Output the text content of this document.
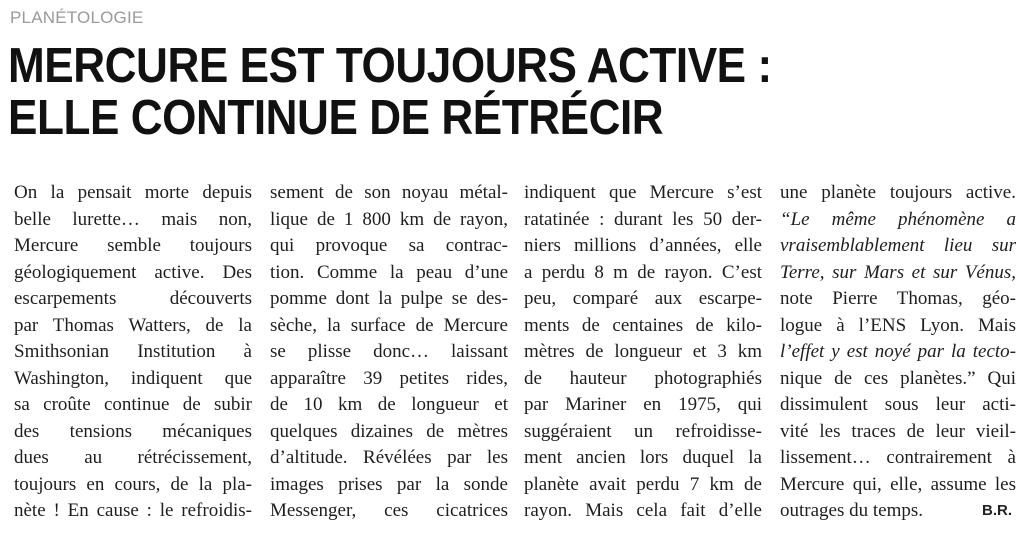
PLANÉTOLOGIE
MERCURE EST TOUJOURS ACTIVE :
ELLE CONTINUE DE RÉTRÉCIR
On la pensait morte depuis
belle lurette… mais non,
Mercure semble toujours
géologiquement active. Des
escarpements découverts
par Thomas Watters, de la
Smithsonian Institution à
Washington, indiquent que
sa croûte continue de subir
des tensions mécaniques
dues au rétrécissement,
toujours en cours, de la pla-
nète ! En cause : le refroidis-
sement de son noyau métal-
lique de 1 800 km de rayon,
qui provoque sa contrac-
tion. Comme la peau d’une
pomme dont la pulpe se des-
sèche, la surface de Mercure
se plisse donc… laissant
apparaître 39 petites rides,
de 10 km de longueur et
quelques dizaines de mètres
d’altitude. Révélées par les
images prises par la sonde
Messenger, ces cicatrices
indiquent que Mercure s’est
ratatinée : durant les 50 der-
niers millions d’années, elle
a perdu 8 m de rayon. C’est
peu, comparé aux escarpe-
ments de centaines de kilo-
mètres de longueur et 3 km
de hauteur photographiés
par Mariner en 1975, qui
suggéraient un refroidisse-
ment ancien lors duquel la
planète avait perdu 7 km de
rayon. Mais cela fait d’elle
une planète toujours active.
“Le même phénomène a
vraisemblablement lieu sur
Terre, sur Mars et sur Vénus,
note Pierre Thomas, géo-
logue à l’ENS Lyon. Mais
l’effet y est noyé par la tecto-
nique de ces planètes.” Qui
dissimulent sous leur acti-
vité les traces de leur vieil-
lissement… contrairement à
Mercure qui, elle, assume les
outrages du temps.	B.R.
